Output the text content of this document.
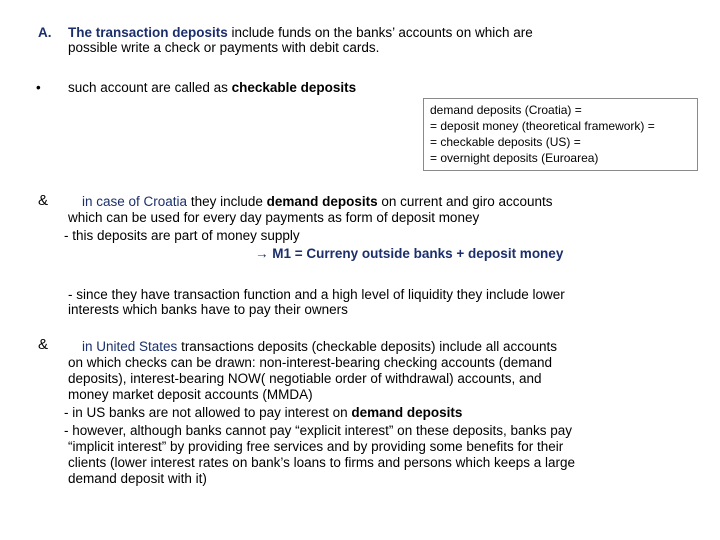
A. The transaction deposits include funds on the banks’ accounts on which are
possible write a check or payments with debit cards.
• such account are called as checkable deposits
demand deposits (Croatia) =
= deposit money (theoretical framework) =
= checkable deposits (US) =
= overnight deposits (Euroarea)
&	in case of Croatia they include demand deposits on current and giro accounts
which can be used for every day payments as form of deposit money
- this deposits are part of money supply
→ M1 = Curreny outside banks + deposit money
- since they have transaction function and a high level of liquidity they include lower
interests which banks have to pay their owners
&	in United States transactions deposits (checkable deposits) include all accounts
on which checks can be drawn: non-interest-bearing checking accounts (demand
deposits), interest-bearing NOW( negotiable order of withdrawal) accounts, and
money market deposit accounts (MMDA)
- in US banks are not allowed to pay interest on demand deposits
- however, although banks cannot pay “explicit interest” on these deposits, banks pay
“implicit interest” by providing free services and by providing some benefits for their
clients (lower interest rates on bank’s loans to firms and persons which keeps a large
demand deposit with it)
